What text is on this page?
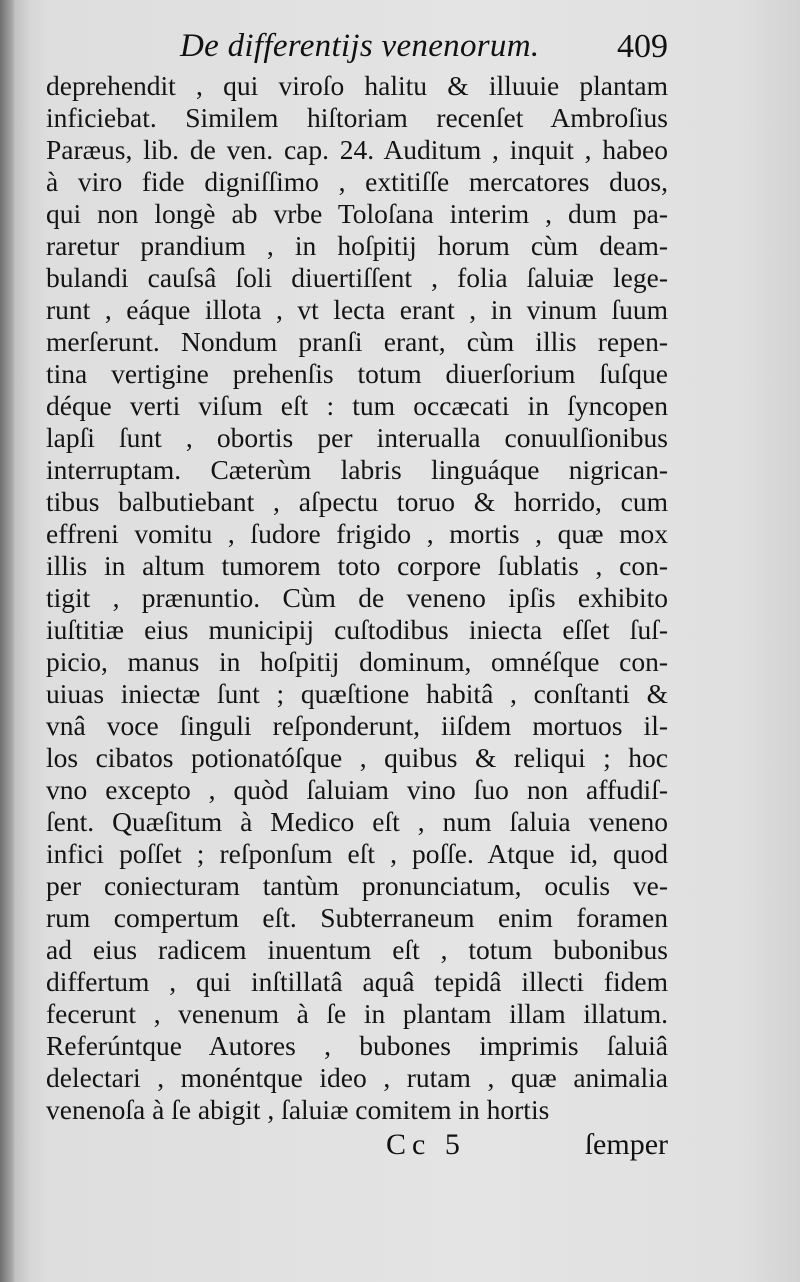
De differentijs venenorum. 409
deprehendit , qui viroſo halitu & illuuie plantam
inficiebat. Similem hiſtoriam recenſet Ambroſius
Paræus, lib. de ven. cap. 24. Auditum , inquit , habeo
à viro fide digniſſimo , extitiſſe mercatores duos,
qui non longè ab vrbe Toloſana interim , dum pa-
raretur prandium , in hoſpitij horum cùm deam-
bulandi cauſsâ ſoli diuertiſſent , folia ſaluiæ lege-
runt , eáque illota , vt lecta erant , in vinum ſuum
merſerunt. Nondum pranſi erant, cùm illis repen-
tina vertigine prehenſis totum diuerſorium ſuſque
déque verti viſum eſt : tum occæcati in ſyncopen
lapſi ſunt , obortis per interualla conuulſionibus
interruptam. Cæterùm labris linguáque nigrican-
tibus balbutiebant , aſpectu toruo & horrido, cum
effreni vomitu , ſudore frigido , mortis , quæ mox
illis in altum tumorem toto corpore ſublatis , con-
tigit , prænuntio. Cùm de veneno ipſis exhibito
iuſtitiæ eius municipij cuſtodibus iniecta eſſet ſuſ-
picio, manus in hoſpitij dominum, omnéſque con-
uiuas iniectæ ſunt ; quæſtione habitâ , conſtanti &
vnâ voce ſinguli reſponderunt, iiſdem mortuos il-
los cibatos potionatóſque , quibus & reliqui ; hoc
vno excepto , quòd ſaluiam vino ſuo non affudiſ-
ſent. Quæſitum à Medico eſt , num ſaluia veneno
infici poſſet ; reſponſum eſt , poſſe. Atque id, quod
per coniecturam tantùm pronunciatum, oculis ve-
rum compertum eſt. Subterraneum enim foramen
ad eius radicem inuentum eſt , totum bubonibus
differtum , qui inſtillatâ aquâ tepidâ illecti fidem
fecerunt , venenum à ſe in plantam illam illatum.
Referúntque Autores , bubones imprimis ſaluiâ
delectari , monéntque ideo , rutam , quæ animalia
venenoſa à ſe abigit , ſaluiæ comitem in hortis
Cc 5	ſemper
